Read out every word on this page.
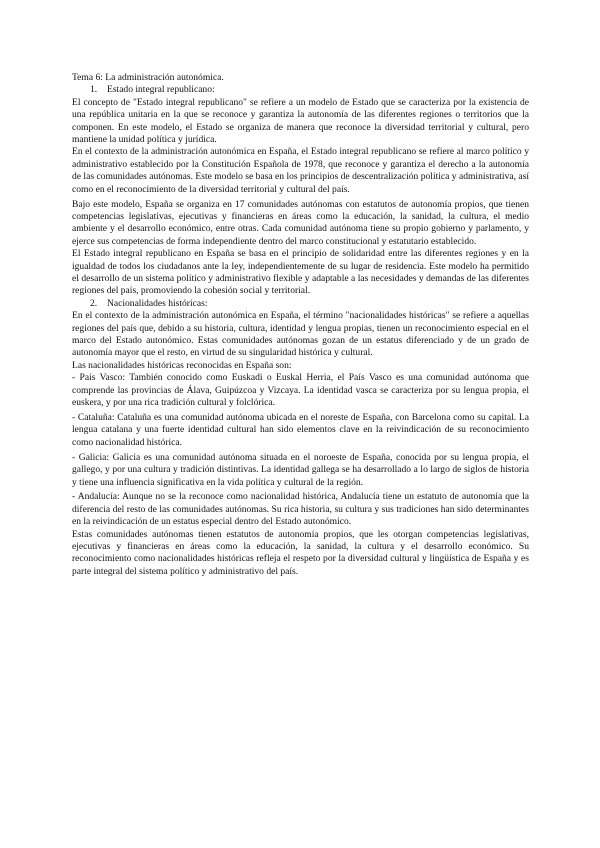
Tema 6: La administración autonómica.

1. Estado integral republicano:

El concepto de "Estado integral republicano" se refiere a un modelo de Estado que se caracteriza por la existencia de una república unitaria en la que se reconoce y garantiza la autonomía de las diferentes regiones o territorios que la componen. En este modelo, el Estado se organiza de manera que reconoce la diversidad territorial y cultural, pero mantiene la unidad política y jurídica.

En el contexto de la administración autonómica en España, el Estado integral republicano se refiere al marco político y administrativo establecido por la Constitución Española de 1978, que reconoce y garantiza el derecho a la autonomía de las comunidades autónomas. Este modelo se basa en los principios de descentralización política y administrativa, así como en el reconocimiento de la diversidad territorial y cultural del país.

Bajo este modelo, España se organiza en 17 comunidades autónomas con estatutos de autonomía propios, que tienen competencias legislativas, ejecutivas y financieras en áreas como la educación, la sanidad, la cultura, el medio ambiente y el desarrollo económico, entre otras. Cada comunidad autónoma tiene su propio gobierno y parlamento, y ejerce sus competencias de forma independiente dentro del marco constitucional y estatutario establecido.

El Estado integral republicano en España se basa en el principio de solidaridad entre las diferentes regiones y en la igualdad de todos los ciudadanos ante la ley, independientemente de su lugar de residencia. Este modelo ha permitido el desarrollo de un sistema político y administrativo flexible y adaptable a las necesidades y demandas de las diferentes regiones del país, promoviendo la cohesión social y territorial.

2. Nacionalidades históricas:

En el contexto de la administración autonómica en España, el término "nacionalidades históricas" se refiere a aquellas regiones del país que, debido a su historia, cultura, identidad y lengua propias, tienen un reconocimiento especial en el marco del Estado autonómico. Estas comunidades autónomas gozan de un estatus diferenciado y de un grado de autonomía mayor que el resto, en virtud de su singularidad histórica y cultural.

Las nacionalidades históricas reconocidas en España son:

- País Vasco: También conocido como Euskadi o Euskal Herria, el País Vasco es una comunidad autónoma que comprende las provincias de Álava, Guipúzcoa y Vizcaya. La identidad vasca se caracteriza por su lengua propia, el euskera, y por una rica tradición cultural y folclórica.

- Cataluña: Cataluña es una comunidad autónoma ubicada en el noreste de España, con Barcelona como su capital. La lengua catalana y una fuerte identidad cultural han sido elementos clave en la reivindicación de su reconocimiento como nacionalidad histórica.

- Galicia: Galicia es una comunidad autónoma situada en el noroeste de España, conocida por su lengua propia, el gallego, y por una cultura y tradición distintivas. La identidad gallega se ha desarrollado a lo largo de siglos de historia y tiene una influencia significativa en la vida política y cultural de la región.

- Andalucía: Aunque no se la reconoce como nacionalidad histórica, Andalucía tiene un estatuto de autonomía que la diferencia del resto de las comunidades autónomas. Su rica historia, su cultura y sus tradiciones han sido determinantes en la reivindicación de un estatus especial dentro del Estado autonómico.

Estas comunidades autónomas tienen estatutos de autonomía propios, que les otorgan competencias legislativas, ejecutivas y financieras en áreas como la educación, la sanidad, la cultura y el desarrollo económico. Su reconocimiento como nacionalidades históricas refleja el respeto por la diversidad cultural y lingüística de España y es parte integral del sistema político y administrativo del país.
